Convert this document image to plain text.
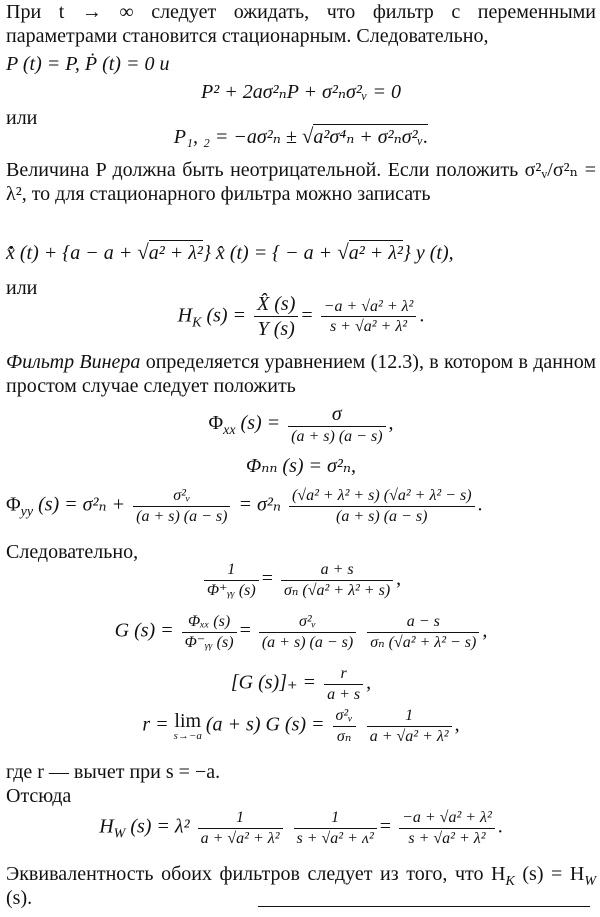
При t → ∞ следует ожидать, что фильтр с переменными параметрами становится стационарным. Следовательно,
P (t) = P, Ṗ (t) = 0 и
P² + 2aσ²ₙP + σ²ₙσ²ᵥ = 0
или
P₁, ₂ = −aσ²ₙ ± √a²σ⁴ₙ + σ²ₙσ²ᵥ.
Величина P должна быть неотрицательной. Если положить σ²ᵥ/σ²ₙ = λ², то для стационарного фильтра можно записать
x̂̇ (t) + {a − a + √a² + λ²} x̂ (t) = { − a + √a² + λ²} y (t),
или
$H_K$ $(s) = \frac{X̂ (s)}{Y (s)} = \frac{\text{−a + √a² + λ²}}{\text{s + √a² + λ²}}$ .
Фильтр Винера определяется уравнением (12.3), в котором в данном простом случае следует положить
$\Phi_{xx}$ $(s) = \frac{\sigma}{(a + s) (a - s)}$ ,
Φₙₙ (s) = σ²ₙ,
$\Phi_{yy}$ $(s) = \sigma^2_n + \frac{\text{σ²ᵥ}}{(a + s) (a - s)} = \sigma^2_n \frac{\text{(√a² + λ² + s) (√a² + λ² − s)}}{(a + s) (a - s)}$ .
Следовательно,
$\frac{1}{\text{Φ⁺ᵧᵧ (s)}} = \frac{a + s}{\text{σₙ (√a² + λ² + s)}}$ ,
G $(s) = \frac{\text{Φₓₓ (s)}}{\text{Φ⁻ᵧᵧ (s)}} = \frac{\text{σ²ᵥ}}{(a + s) (a - s)}$
$\frac{a - s}{\text{σₙ (√a² + λ² − s)}}$ ,
[G $(s)]_+ = \frac{r}{a + s}$ ,
r = lim
s→−a (a + s) G $(s) = \frac{\text{σ²ᵥ}}{\text{σₙ}}$
$\frac{1}{\text{a + √a² + λ²}}$ ,
где r — вычет при s = −a.
Отсюда
$H_W$ $(s) = \lambda^2 \frac{1}{\text{a + √a² + λ²}}$
$\frac{1}{\text{s + √a² + ʌ²}} = \frac{\text{−a + √a² + λ²}}{\text{s + √a² + λ²}}$ .
Эквивалентность обоих фильтров следует из того, что $H_K$ $(s) = H_W$ (s).
